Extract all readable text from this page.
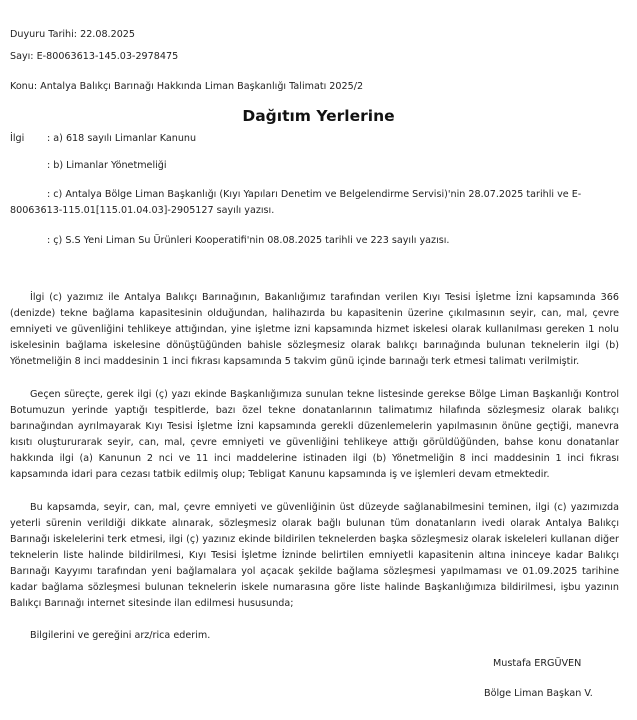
Duyuru Tarihi: 22.08.2025
Sayı: E-80063613-145.03-2978475
Konu: Antalya Balıkçı Barınağı Hakkında Liman Başkanlığı Talimatı 2025/2
Dağıtım Yerlerine
İlgi	: a) 618 sayılı Limanlar Kanunu
: b) Limanlar Yönetmeliği
: c) Antalya Bölge Liman Başkanlığı (Kıyı Yapıları Denetim ve Belgelendirme Servisi)'nin 28.07.2025 tarihli ve E-80063613-115.01[115.01.04.03]-2905127 sayılı yazısı.
: ç) S.S Yeni Liman Su Ürünleri Kooperatifi'nin 08.08.2025 tarihli ve 223 sayılı yazısı.

İlgi (c) yazımız ile Antalya Balıkçı Barınağının, Bakanlığımız tarafından verilen Kıyı Tesisi İşletme İzni kapsamında 366 (denizde) tekne bağlama kapasitesinin olduğundan, halihazırda bu kapasitenin üzerine çıkılmasının seyir, can, mal, çevre emniyeti ve güvenliğini tehlikeye attığından, yine işletme izni kapsamında hizmet iskelesi olarak kullanılması gereken 1 nolu iskelesinin bağlama iskelesine dönüştüğünden bahisle sözleşmesiz olarak balıkçı barınağında bulunan teknelerin ilgi (b) Yönetmeliğin 8 inci maddesinin 1 inci fıkrası kapsamında 5 takvim günü içinde barınağı terk etmesi talimatı verilmiştir.

Geçen süreçte, gerek ilgi (ç) yazı ekinde Başkanlığımıza sunulan tekne listesinde gerekse Bölge Liman Başkanlığı Kontrol Botumuzun yerinde yaptığı tespitlerde, bazı özel tekne donatanlarının talimatımız hilafında sözleşmesiz olarak balıkçı barınağından ayrılmayarak Kıyı Tesisi İşletme İzni kapsamında gerekli düzenlemelerin yapılmasının önüne geçtiği, manevra kısıtı oluştururarak seyir, can, mal, çevre emniyeti ve güvenliğini tehlikeye attığı görüldüğünden, bahse konu donatanlar hakkında ilgi (a) Kanunun 2 nci ve 11 inci maddelerine istinaden ilgi (b) Yönetmeliğin 8 inci maddesinin 1 inci fıkrası kapsamında idari para cezası tatbik edilmiş olup; Tebligat Kanunu kapsamında iş ve işlemleri devam etmektedir.

Bu kapsamda, seyir, can, mal, çevre emniyeti ve güvenliğinin üst düzeyde sağlanabilmesini teminen, ilgi (c) yazımızda yeterli sürenin verildiği dikkate alınarak, sözleşmesiz olarak bağlı bulunan tüm donatanların ivedi olarak Antalya Balıkçı Barınağı iskelelerini terk etmesi, ilgi (ç) yazınız ekinde bildirilen teknelerden başka sözleşmesiz olarak iskeleleri kullanan diğer teknelerin liste halinde bildirilmesi, Kıyı Tesisi İşletme İzninde belirtilen emniyetli kapasitenin altına ininceye kadar Balıkçı Barınağı Kayyımı tarafından yeni bağlamalara yol açacak şekilde bağlama sözleşmesi yapılmaması ve 01.09.2025 tarihine kadar bağlama sözleşmesi bulunan teknelerin iskele numarasına göre liste halinde Başkanlığımıza bildirilmesi, işbu yazının Balıkçı Barınağı internet sitesinde ilan edilmesi hususunda;

Bilgilerini ve gereğini arz/rica ederim.
Mustafa ERGÜVEN
Bölge Liman Başkan V.
